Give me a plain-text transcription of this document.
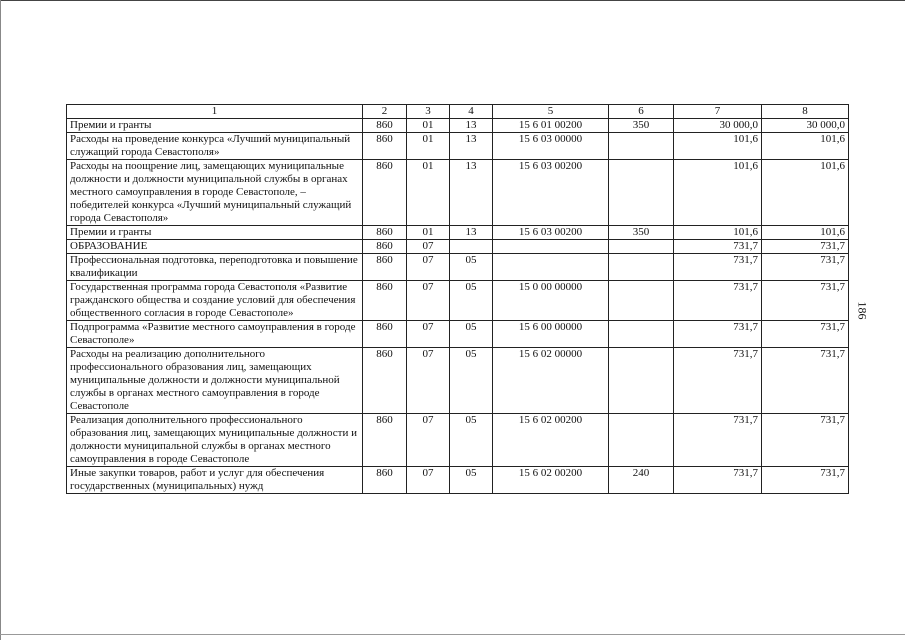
186
1	2	3	4	5	6	7	8
Премии и гранты	860	01	13	15 6 01 00200	350	30 000,0	30 000,0
Расходы на проведение конкурса «Лучший муниципальный служащий города Севастополя»	860	01	13	15 6 03 00000		101,6	101,6
Расходы на поощрение лиц, замещающих муниципальные должности и должности муниципальной службы в органах местного самоуправления в городе Севастополе, – победителей конкурса «Лучший муниципальный служащий города Севастополя»	860	01	13	15 6 03 00200		101,6	101,6
Премии и гранты	860	01	13	15 6 03 00200	350	101,6	101,6
ОБРАЗОВАНИЕ	860	07				731,7	731,7
Профессиональная подготовка, переподготовка и повышение квалификации	860	07	05			731,7	731,7
Государственная программа города Севастополя «Развитие гражданского общества и создание условий для обеспечения общественного согласия в городе Севастополе»	860	07	05	15 0 00 00000		731,7	731,7
Подпрограмма «Развитие местного самоуправления в городе Севастополе»	860	07	05	15 6 00 00000		731,7	731,7
Расходы на реализацию дополнительного профессионального образования лиц, замещающих муниципальные должности и должности муниципальной службы в органах местного самоуправления в городе Севастополе	860	07	05	15 6 02 00000		731,7	731,7
Реализация дополнительного профессионального образования лиц, замещающих муниципальные должности и должности муниципальной службы в органах местного самоуправления в городе Севастополе	860	07	05	15 6 02 00200		731,7	731,7
Иные закупки товаров, работ и услуг для обеспечения государственных (муниципальных) нужд	860	07	05	15 6 02 00200	240	731,7	731,7
